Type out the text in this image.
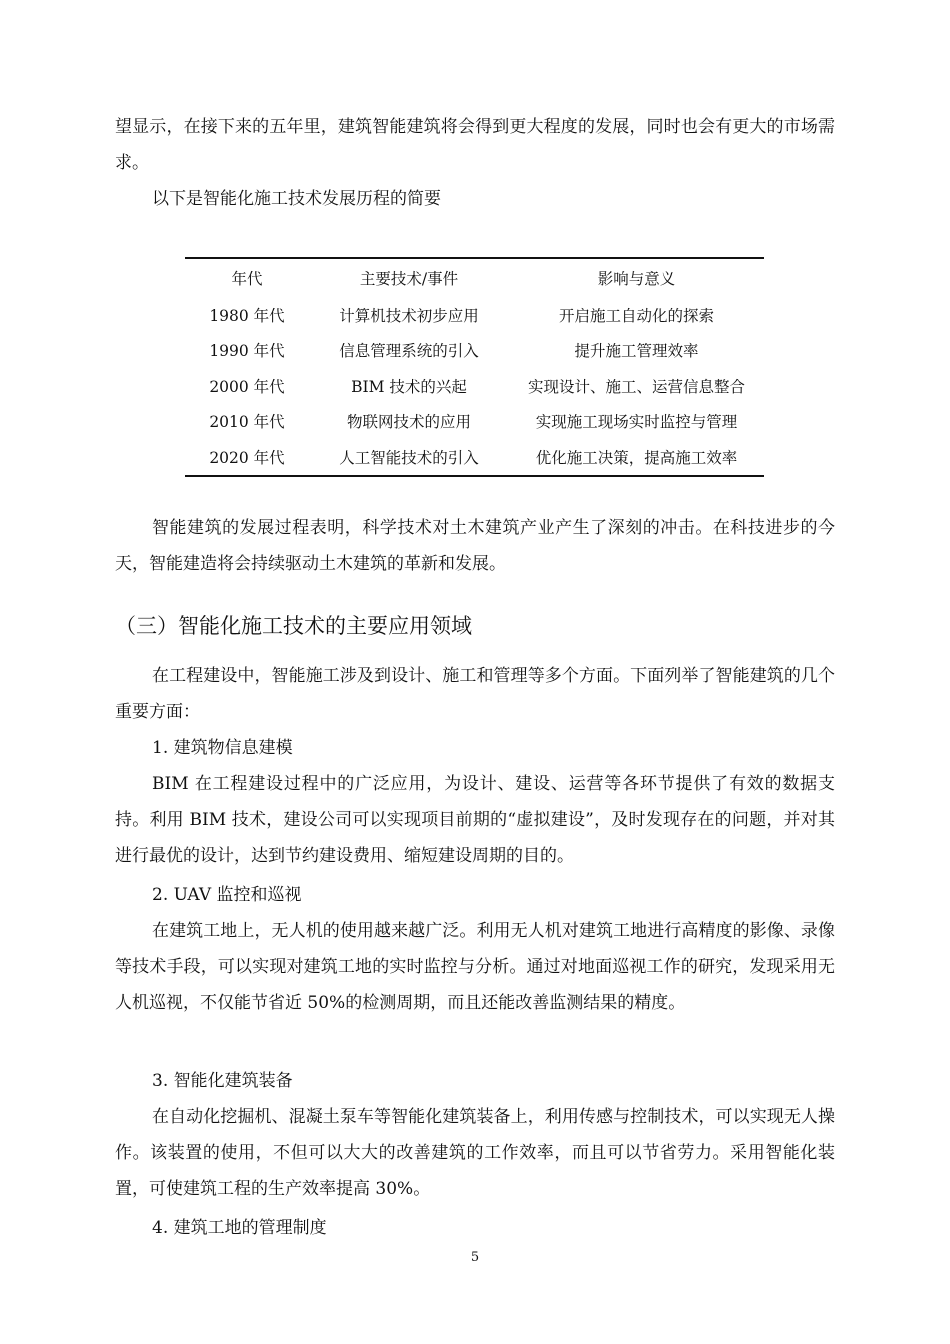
望显示，在接下来的五年里，建筑智能建筑将会得到更大程度的发展，同时也会有更大的市场需求。

以下是智能化施工技术发展历程的简要

年代	主要技术/事件	影响与意义
1980 年代	计算机技术初步应用	开启施工自动化的探索
1990 年代	信息管理系统的引入	提升施工管理效率
2000 年代	BIM 技术的兴起	实现设计、施工、运营信息整合
2010 年代	物联网技术的应用	实现施工现场实时监控与管理
2020 年代	人工智能技术的引入	优化施工决策，提高施工效率

智能建筑的发展过程表明，科学技术对土木建筑产业产生了深刻的冲击。在科技进步的今天，智能建造将会持续驱动土木建筑的革新和发展。

（三）智能化施工技术的主要应用领域

在工程建设中，智能施工涉及到设计、施工和管理等多个方面。下面列举了智能建筑的几个重要方面：

1. 建筑物信息建模

BIM 在工程建设过程中的广泛应用，为设计、建设、运营等各环节提供了有效的数据支持。利用 BIM 技术，建设公司可以实现项目前期的“虚拟建设”，及时发现存在的问题，并对其进行最优的设计，达到节约建设费用、缩短建设周期的目的。

2. UAV 监控和巡视

在建筑工地上，无人机的使用越来越广泛。利用无人机对建筑工地进行高精度的影像、录像等技术手段，可以实现对建筑工地的实时监控与分析。通过对地面巡视工作的研究，发现采用无人机巡视，不仅能节省近 50%的检测周期，而且还能改善监测结果的精度。

3. 智能化建筑装备

在自动化挖掘机、混凝土泵车等智能化建筑装备上，利用传感与控制技术，可以实现无人操作。该装置的使用，不但可以大大的改善建筑的工作效率，而且可以节省劳力。采用智能化装置，可使建筑工程的生产效率提高 30%。

4. 建筑工地的管理制度

5
